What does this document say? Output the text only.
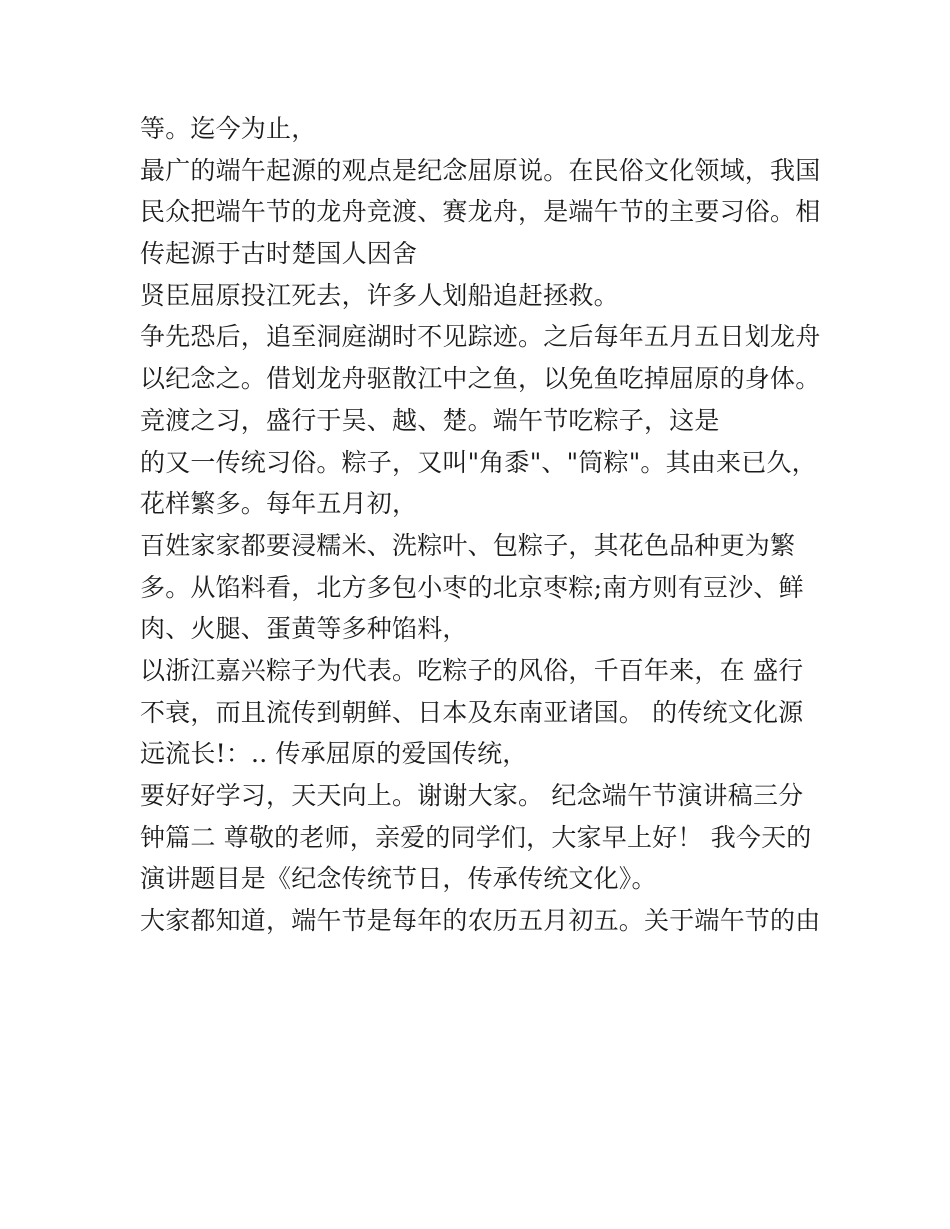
等。迄今为止，
最广的端午起源的观点是纪念屈原说。在民俗文化领域，我国
民众把端午节的龙舟竞渡、赛龙舟，是端午节的主要习俗。相
传起源于古时楚国人因舍
贤臣屈原投江死去，许多人划船追赶拯救。
争先恐后，追至洞庭湖时不见踪迹。之后每年五月五日划龙舟
以纪念之。借划龙舟驱散江中之鱼，以免鱼吃掉屈原的身体。
竞渡之习，盛行于吴、越、楚。端午节吃粽子，这是
的又一传统习俗。粽子，又叫"角黍"、"筒粽"。其由来已久，
花样繁多。每年五月初，
百姓家家都要浸糯米、洗粽叶、包粽子，其花色品种更为繁
多。从馅料看，北方多包小枣的北京枣粽;南方则有豆沙、鲜
肉、火腿、蛋黄等多种馅料，
以浙江嘉兴粽子为代表。吃粽子的风俗，千百年来，在 盛行
不衰，而且流传到朝鲜、日本及东南亚诸国。 的传统文化源
远流长!：.. 传承屈原的爱国传统，
要好好学习，天天向上。谢谢大家。 纪念端午节演讲稿三分
钟篇二 尊敬的老师，亲爱的同学们，大家早上好！ 我今天的
演讲题目是《纪念传统节日，传承传统文化》。
大家都知道，端午节是每年的农历五月初五。关于端午节的由
